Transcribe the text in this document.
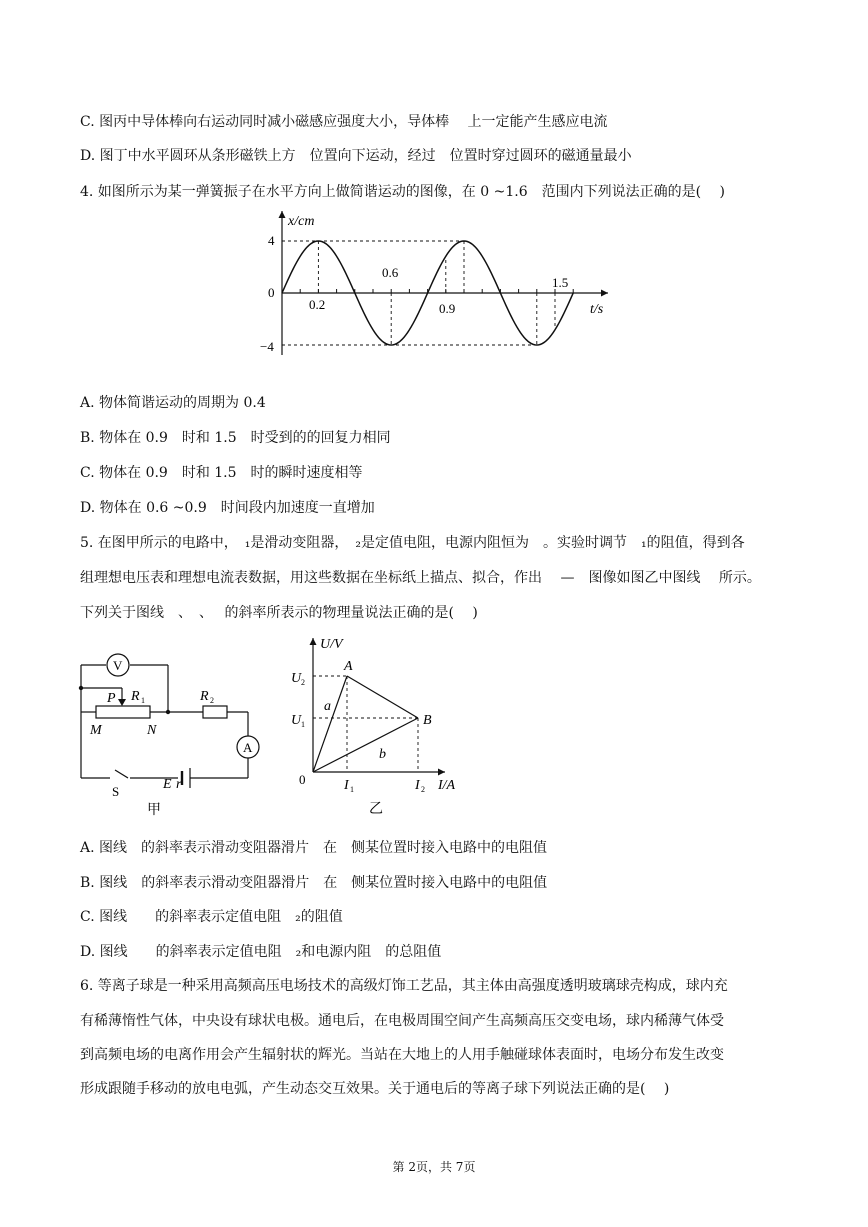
C. 图丙中导体棒向右运动同时减小磁感应强度大小，导体棒　 上一定能产生感应电流
D. 图丁中水平圆环从条形磁铁上方　位置向下运动，经过　位置时穿过圆环的磁通量最小
4. 如图所示为某一弹簧振子在水平方向上做简谐运动的图像，在 0 ~1.6　范围内下列说法正确的是(　 )
x/cm
t/s
4
0
−4
0.2
0.6
0.9
1.5
A. 物体简谐运动的周期为 0.4
B. 物体在 0.9　时和 1.5　时受到的的回复力相同
C. 物体在 0.9　时和 1.5　时的瞬时速度相等
D. 物体在 0.6 ~0.9　时间段内加速度一直增加
5. 在图甲所示的电路中，　₁是滑动变阻器，　₂是定值电阻，电源内阻恒为　。实验时调节　₁的阻值，得到各
组理想电压表和理想电流表数据，用这些数据在坐标纸上描点、拟合，作出　 —　图像如图乙中图线　 所示。
下列关于图线　、　、　 的斜率所表示的物理量说法正确的是(　 )
V
A
P R 1	R 2
M	N
E r
S
甲
U/V
I/A
U 2
U 1
A
B
a
b
0	I 1	I 2
乙
A. 图线　的斜率表示滑动变阻器滑片　在　侧某位置时接入电路中的电阻值
B. 图线　的斜率表示滑动变阻器滑片　在　侧某位置时接入电路中的电阻值
C. 图线　　的斜率表示定值电阻　₂的阻值
D. 图线　　的斜率表示定值电阻　₂和电源内阻　的总阻值
6. 等离子球是一种采用高频高压电场技术的高级灯饰工艺品，其主体由高强度透明玻璃球壳构成，球内充
有稀薄惰性气体，中央设有球状电极。通电后，在电极周围空间产生高频高压交变电场，球内稀薄气体受
到高频电场的电离作用会产生辐射状的辉光。当站在大地上的人用手触碰球体表面时，电场分布发生改变
形成跟随手移动的放电电弧，产生动态交互效果。关于通电后的等离子球下列说法正确的是(　 )
第 2页，共 7页
